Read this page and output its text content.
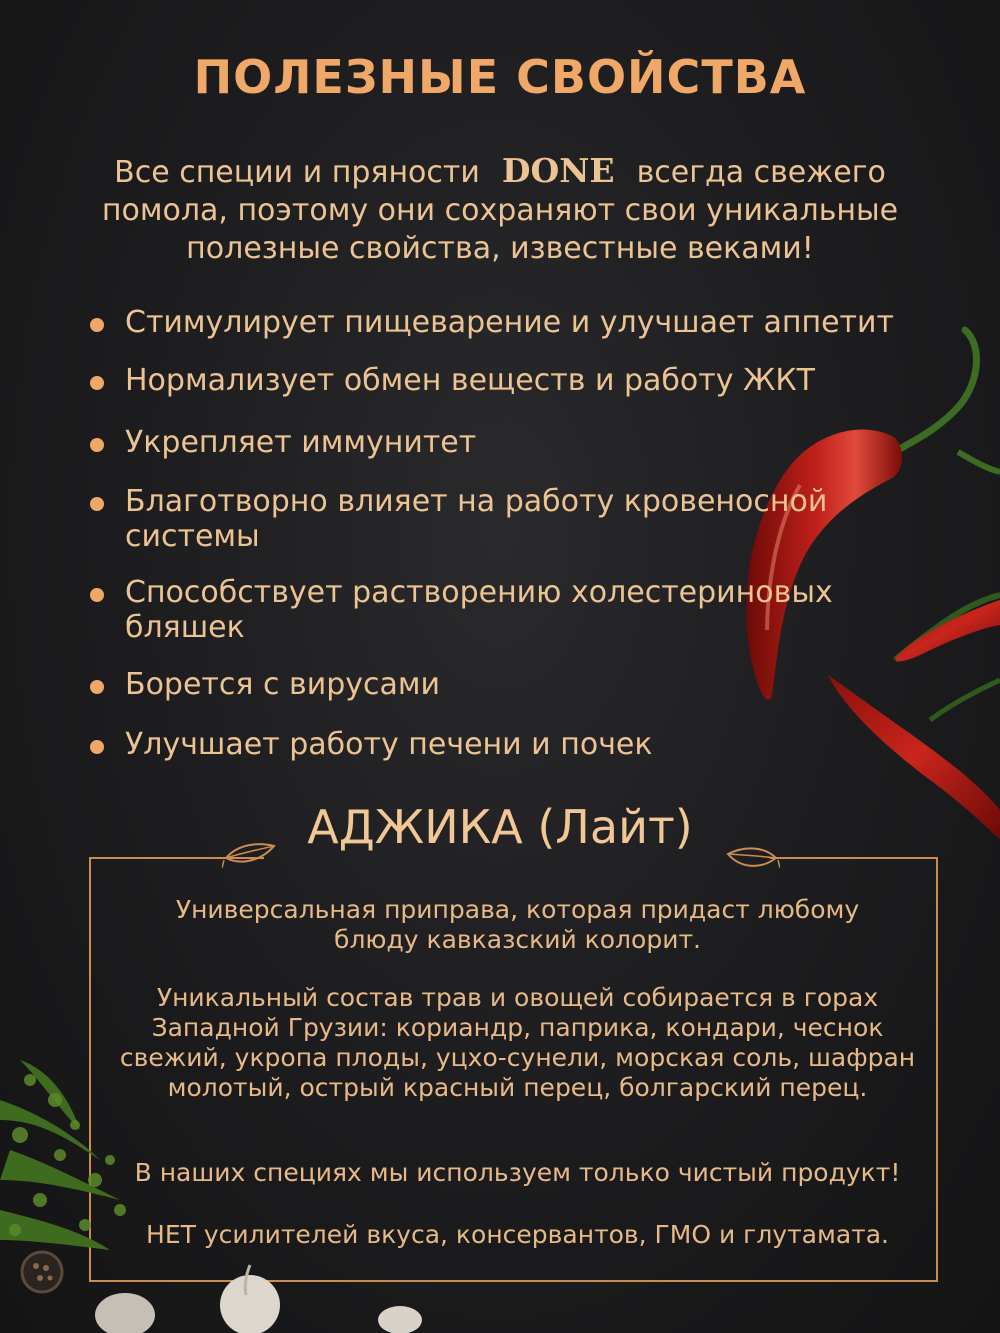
ПОЛЕЗНЫЕ СВОЙСТВА
Все специи и пряности DONE всегда свежего
помола, поэтому они сохраняют свои уникальные
полезные свойства, известные веками!
Стимулирует пищеварение и улучшает аппетит
Нормализует обмен веществ и работу ЖКТ
Укрепляет иммунитет
Благотворно влияет на работу кровеносной системы
Способствует растворению холестериновых бляшек
Борется с вирусами
Улучшает работу печени и почек
АДЖИКА (Лайт)
Универсальная приправа, которая придаст любому блюду кавказский колорит.
Уникальный состав трав и овощей собирается в горах Западной Грузии: кориандр, паприка, кондари, чеснок свежий, укропа плоды, уцхо-сунели, морская соль, шафран молотый, острый красный перец, болгарский перец.
В наших специях мы используем только чистый продукт!
НЕТ усилителей вкуса, консервантов, ГМО и глутамата.
